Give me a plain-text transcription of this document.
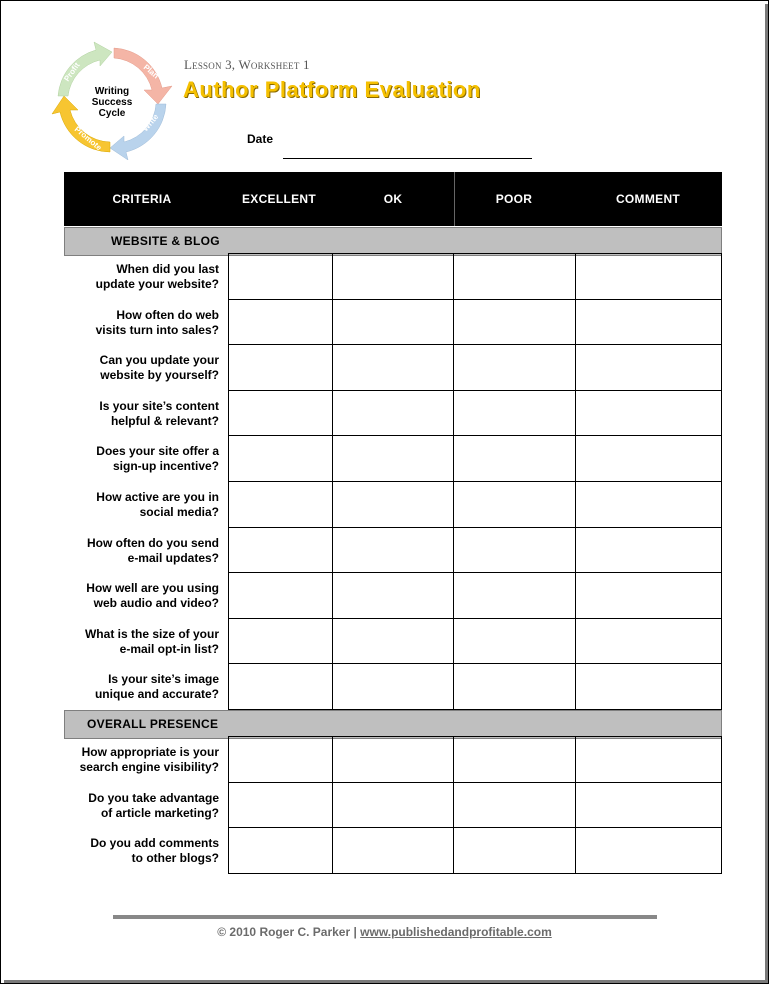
Plan
Write
Promote
Profit
Writing
Success
Cycle
Lesson 3, Worksheet 1
Author Platform Evaluation
Date
CRITERIA	EXCELLENT	OK	POOR	COMMENT
WEBSITE & BLOG
When did you last
update your website?
How often do web
visits turn into sales?
Can you update your
website by yourself?
Is your site’s content
helpful & relevant?
Does your site offer a
sign-up incentive?
How active are you in
social media?
How often do you send
e-mail updates?
How well are you using
web audio and video?
What is the size of your
e-mail opt-in list?
Is your site’s image
unique and accurate?
OVERALL PRESENCE
How appropriate is your
search engine visibility?
Do you take advantage
of article marketing?
Do you add comments
to other blogs?
© 2010 Roger C. Parker | www.publishedandprofitable.com
